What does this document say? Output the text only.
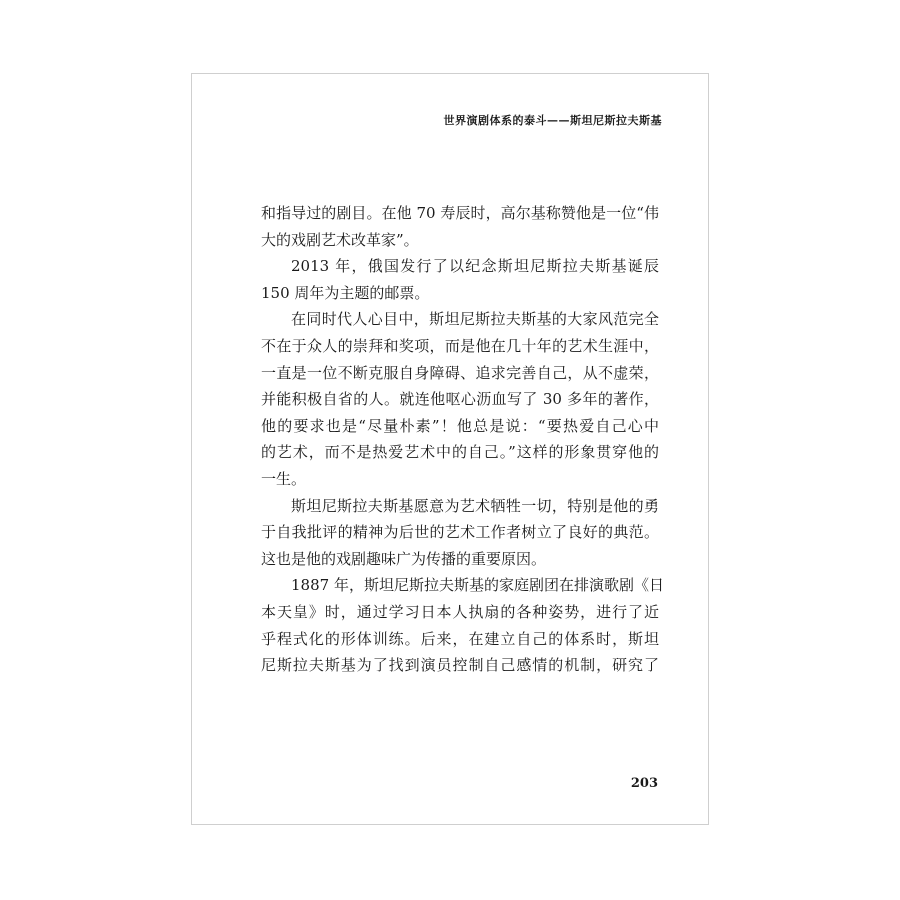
世界演剧体系的泰斗——斯坦尼斯拉夫斯基
和指导过的剧目。在他 70 寿辰时，高尔基称赞他是一位“伟
大的戏剧艺术改革家”。
2013 年，俄国发行了以纪念斯坦尼斯拉夫斯基诞辰
150 周年为主题的邮票。
在同时代人心目中，斯坦尼斯拉夫斯基的大家风范完全
不在于众人的崇拜和奖项，而是他在几十年的艺术生涯中，
一直是一位不断克服自身障碍、追求完善自己，从不虚荣，
并能积极自省的人。就连他呕心沥血写了 30 多年的著作，
他的要求也是“尽量朴素”！他总是说：“要热爱自己心中
的艺术，而不是热爱艺术中的自己。”这样的形象贯穿他的
一生。
斯坦尼斯拉夫斯基愿意为艺术牺牲一切，特别是他的勇
于自我批评的精神为后世的艺术工作者树立了良好的典范。
这也是他的戏剧趣味广为传播的重要原因。
1887 年，斯坦尼斯拉夫斯基的家庭剧团在排演歌剧《日
本天皇》时，通过学习日本人执扇的各种姿势，进行了近
乎程式化的形体训练。后来，在建立自己的体系时，斯坦
尼斯拉夫斯基为了找到演员控制自己感情的机制，研究了
203
